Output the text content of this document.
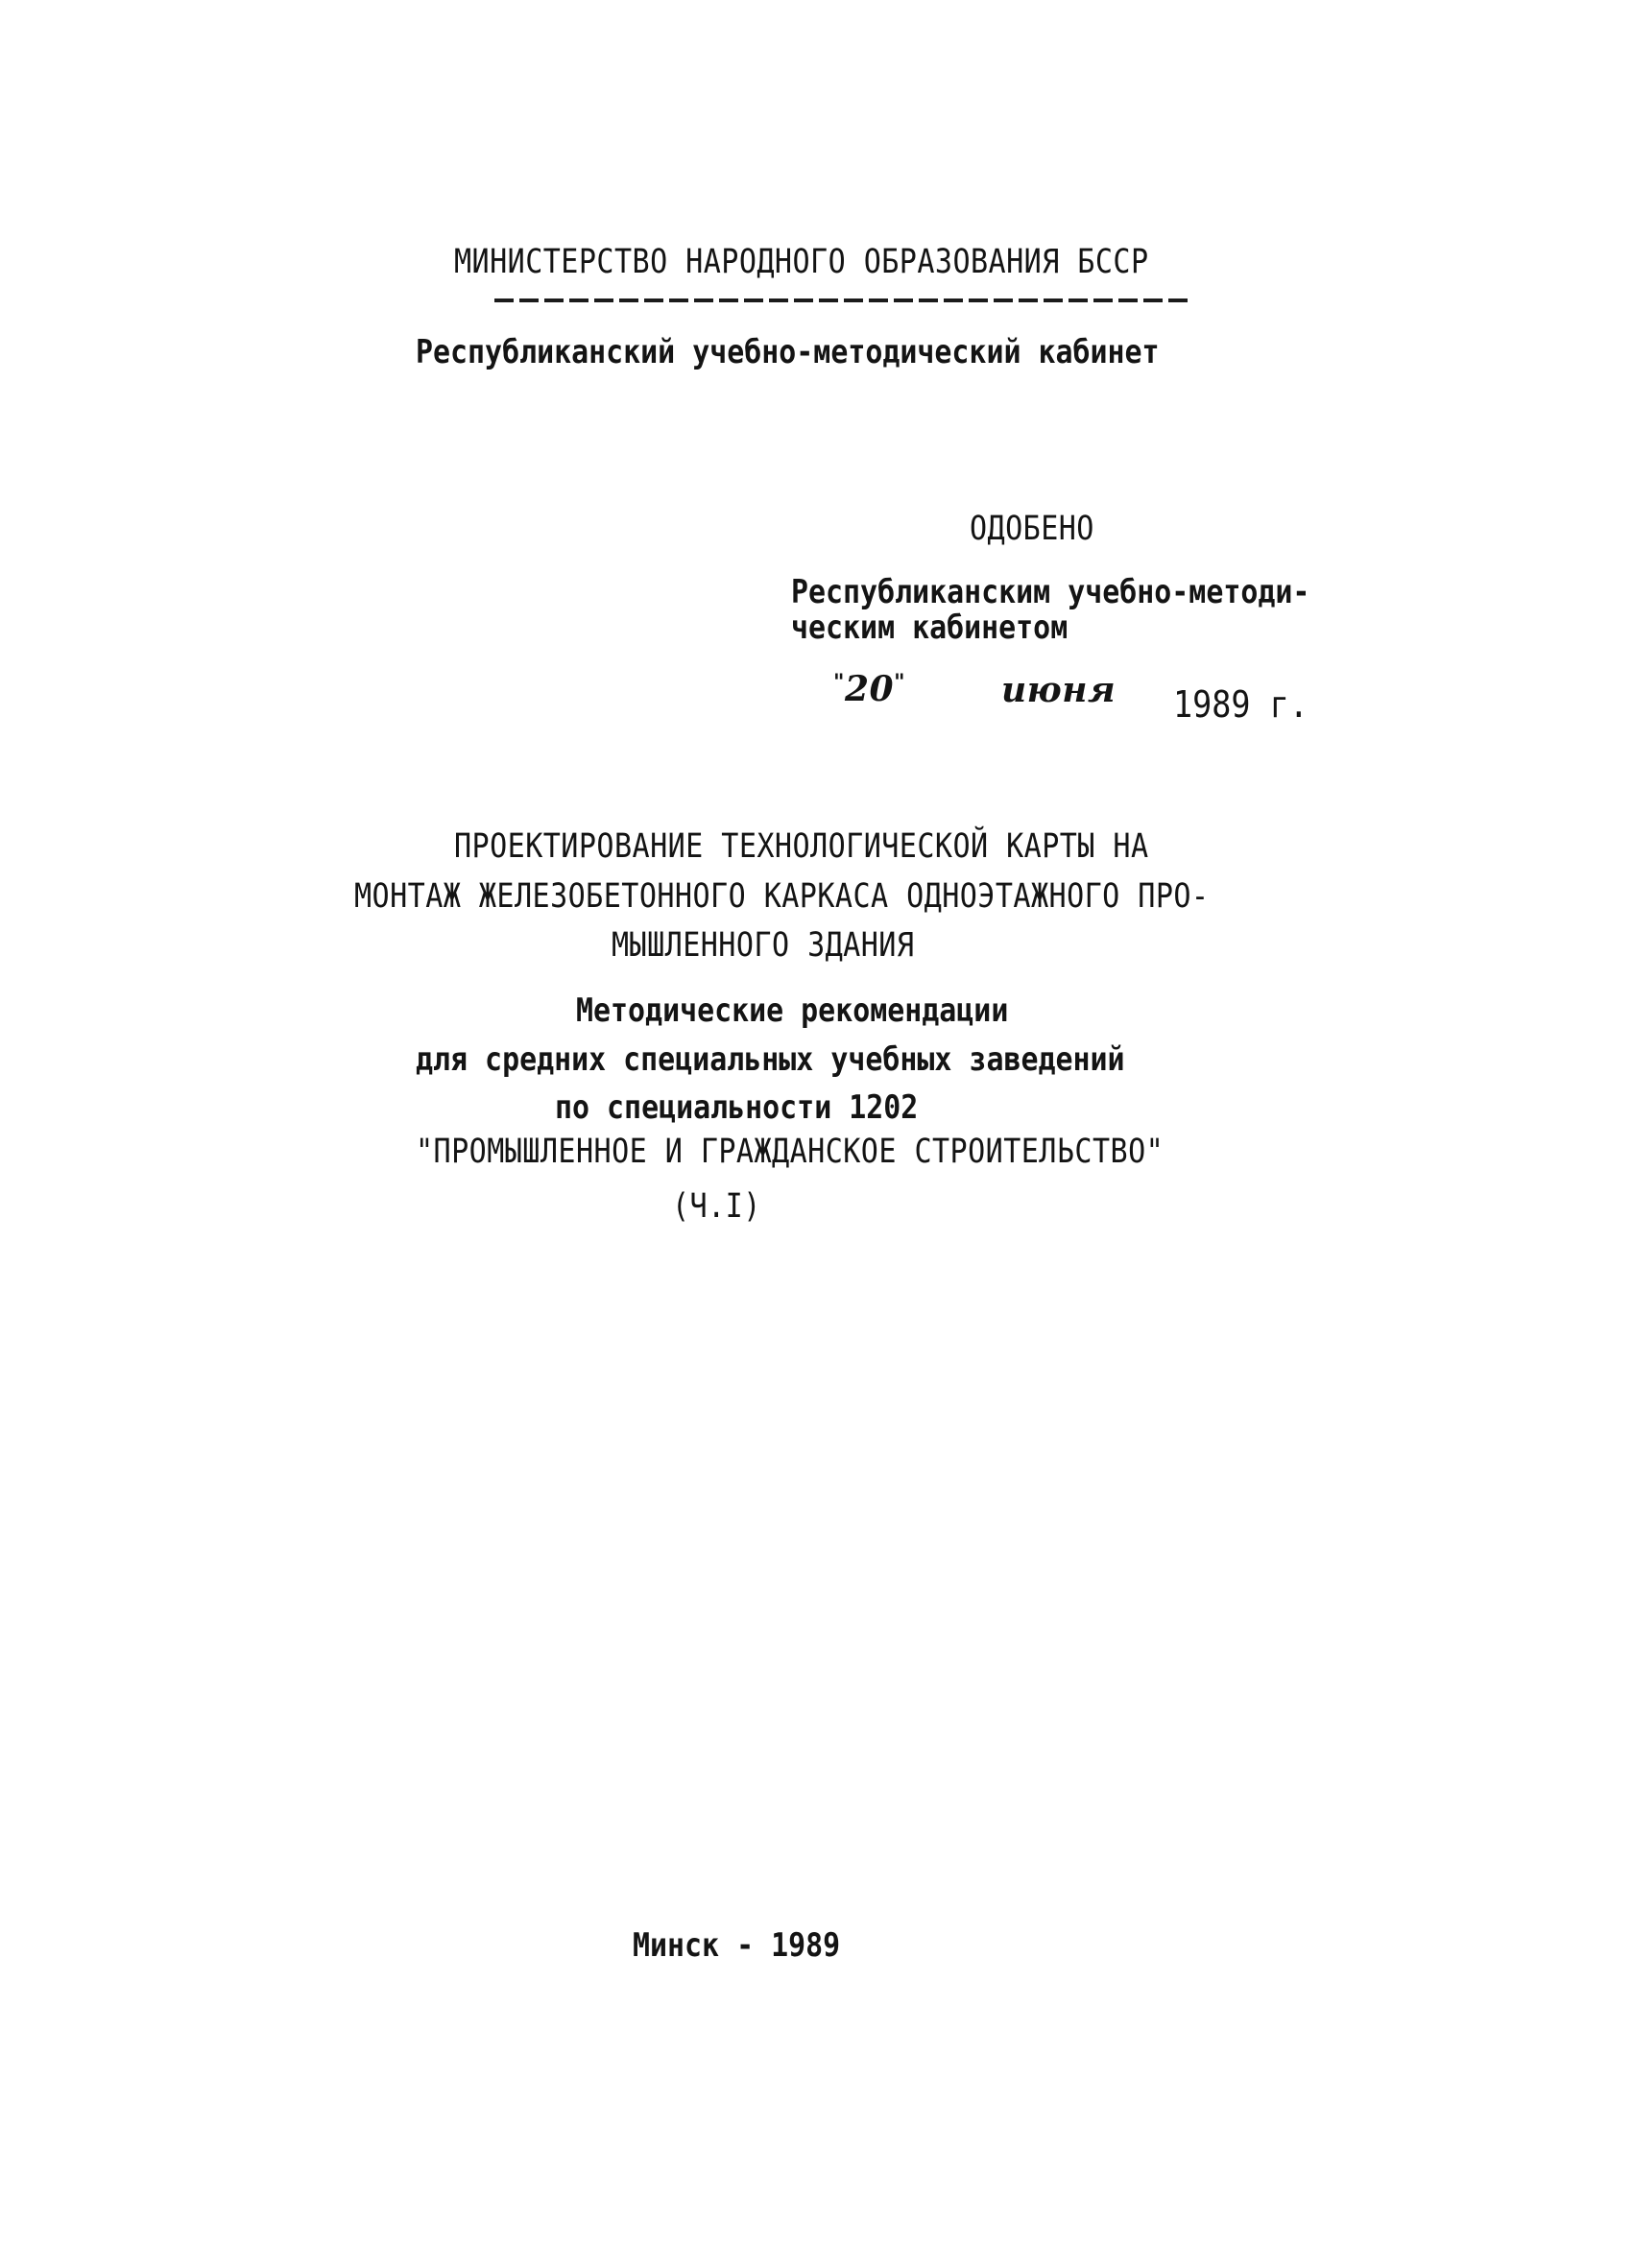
МИНИСТЕРСТВО НАРОДНОГО ОБРАЗОВАНИЯ БССР
Республиканский учебно-методический кабинет
ОДОБЕНО
Республиканским учебно-методи-
ческим кабинетом
"20"	июня 1989 г.
ПРОЕКТИРОВАНИЕ ТЕХНОЛОГИЧЕСКОЙ КАРТЫ НА
МОНТАЖ ЖЕЛЕЗОБЕТОННОГО КАРКАСА ОДНОЭТАЖНОГО ПРО-
МЫШЛЕННОГО ЗДАНИЯ
Методические рекомендации
для средних специальных учебных заведений
по специальности 1202
"ПРОМЫШЛЕННОЕ И ГРАЖДАНСКОЕ СТРОИТЕЛЬСТВО"
(Ч.I)
Минск - 1989
